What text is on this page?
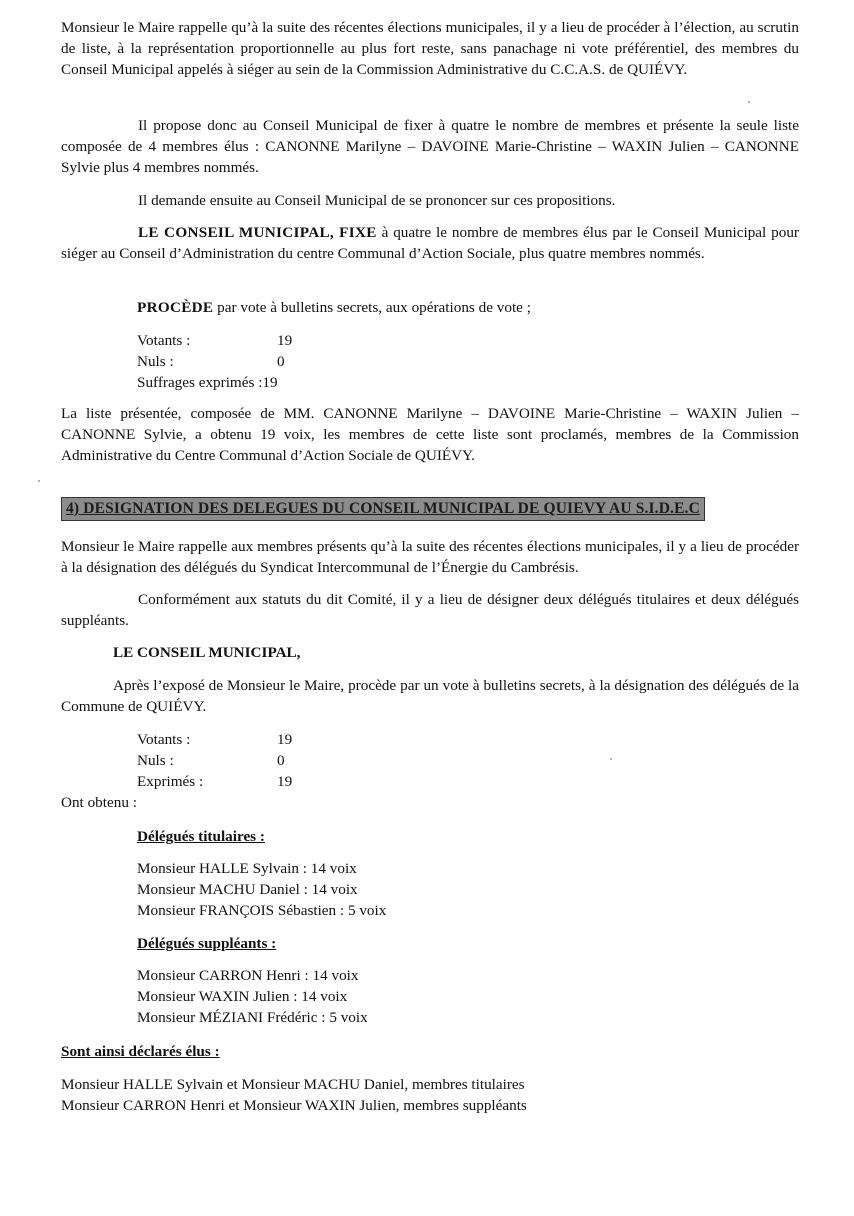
Monsieur le Maire rappelle qu’à la suite des récentes élections municipales, il y a lieu de procéder à l’élection, au scrutin de liste, à la représentation proportionnelle au plus fort reste, sans panachage ni vote préférentiel, des membres du Conseil Municipal appelés à siéger au sein de la Commission Administrative du C.C.A.S. de QUIÉVY.

Il propose donc au Conseil Municipal de fixer à quatre le nombre de membres et présente la seule liste composée de 4 membres élus : CANONNE Marilyne – DAVOINE Marie-Christine – WAXIN Julien – CANONNE Sylvie plus 4 membres nommés.

Il demande ensuite au Conseil Municipal de se prononcer sur ces propositions.

LE CONSEIL MUNICIPAL, FIXE à quatre le nombre de membres élus par le Conseil Municipal pour siéger au Conseil d’Administration du centre Communal d’Action Sociale, plus quatre membres nommés.

PROCÈDE par vote à bulletins secrets, aux opérations de vote ;

Votants :	19
Nuls :	0
Suffrages exprimés :19	

La liste présentée, composée de MM. CANONNE Marilyne – DAVOINE Marie-Christine – WAXIN Julien – CANONNE Sylvie, a obtenu 19 voix, les membres de cette liste sont proclamés, membres de la Commission Administrative du Centre Communal d’Action Sociale de QUIÉVY.

4) DESIGNATION DES DELEGUES DU CONSEIL MUNICIPAL DE QUIEVY AU S.I.D.E.C

Monsieur le Maire rappelle aux membres présents qu’à la suite des récentes élections municipales, il y a lieu de procéder à la désignation des délégués du Syndicat Intercommunal de l’Énergie du Cambrésis.

Conformément aux statuts du dit Comité, il y a lieu de désigner deux délégués titulaires et deux délégués suppléants.

LE CONSEIL MUNICIPAL,

Après l’exposé de Monsieur le Maire, procède par un vote à bulletins secrets, à la désignation des délégués de la Commune de QUIÉVY.

Votants :	19
Nuls :	0
Exprimés :	19

Ont obtenu :

Délégués titulaires :

Monsieur HALLE Sylvain : 14 voix

Monsieur MACHU Daniel : 14 voix

Monsieur FRANÇOIS Sébastien : 5 voix

Délégués suppléants :

Monsieur CARRON Henri : 14 voix

Monsieur WAXIN Julien : 14 voix

Monsieur MÉZIANI Frédéric : 5 voix

Sont ainsi déclarés élus :

Monsieur HALLE Sylvain et Monsieur MACHU Daniel, membres titulaires

Monsieur CARRON Henri et Monsieur WAXIN Julien, membres suppléants
